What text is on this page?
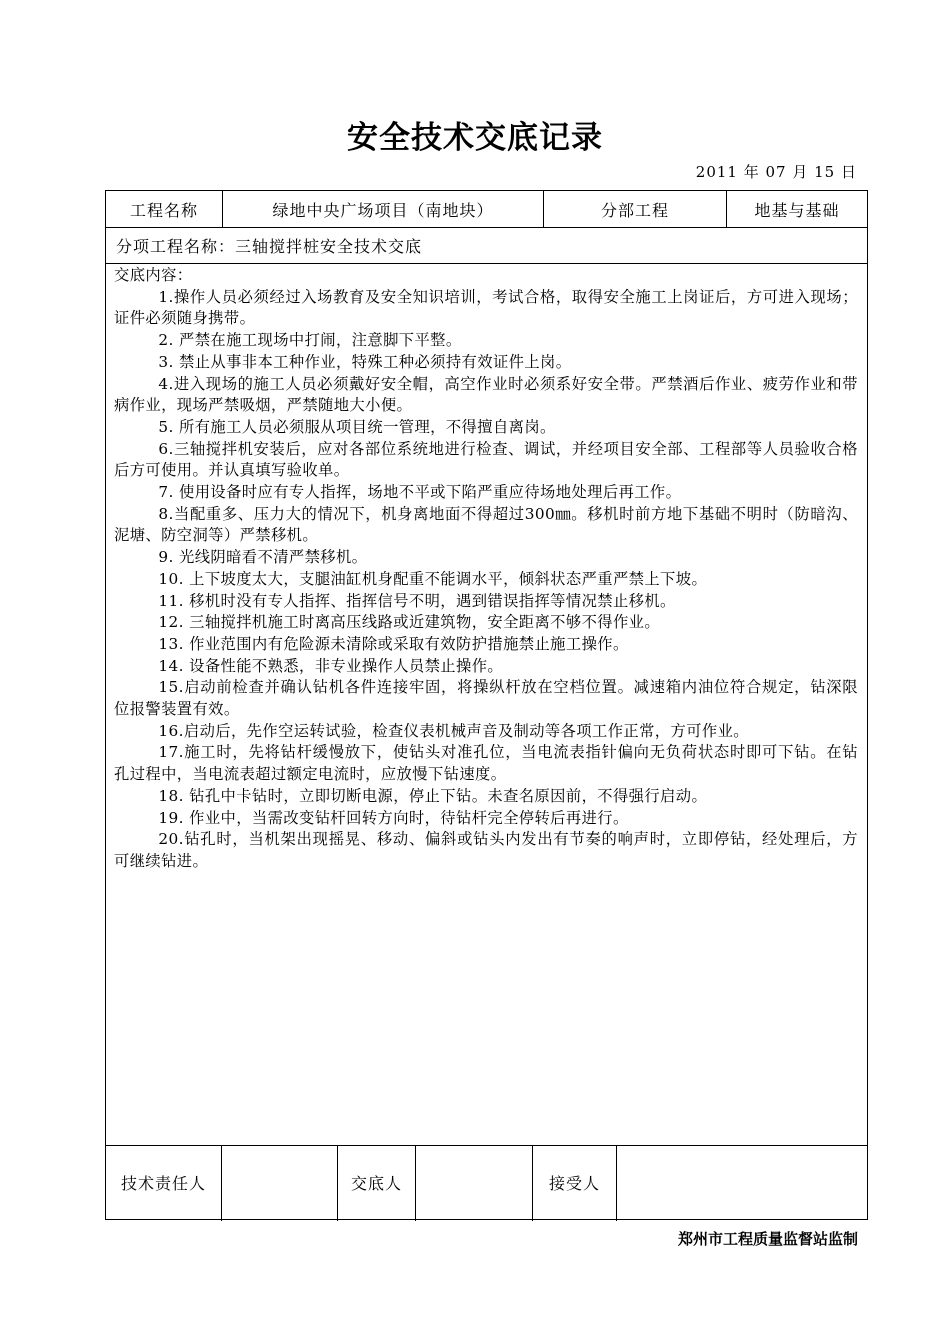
安全技术交底记录
2011 年 07 月 15 日
工程名称	绿地中央广场项目（南地块）	分部工程	地基与基础
分项工程名称： 三轴搅拌桩安全技术交底
交底内容：
1.操作人员必须经过入场教育及安全知识培训，考试合格，取得安全施工上岗证后，方可进入现场；证件必须随身携带。
2. 严禁在施工现场中打闹，注意脚下平整。
3. 禁止从事非本工种作业，特殊工种必须持有效证件上岗。
4.进入现场的施工人员必须戴好安全帽，高空作业时必须系好安全带。严禁酒后作业、疲劳作业和带病作业，现场严禁吸烟，严禁随地大小便。
5. 所有施工人员必须服从项目统一管理，不得擅自离岗。
6.三轴搅拌机安装后，应对各部位系统地进行检查、调试，并经项目安全部、工程部等人员验收合格后方可使用。并认真填写验收单。
7. 使用设备时应有专人指挥，场地不平或下陷严重应待场地处理后再工作。
8.当配重多、压力大的情况下，机身离地面不得超过300㎜。移机时前方地下基础不明时（防暗沟、泥塘、防空洞等）严禁移机。
9. 光线阴暗看不清严禁移机。
10. 上下坡度太大，支腿油缸机身配重不能调水平，倾斜状态严重严禁上下坡。
11. 移机时没有专人指挥、指挥信号不明，遇到错误指挥等情况禁止移机。
12. 三轴搅拌机施工时离高压线路或近建筑物，安全距离不够不得作业。
13. 作业范围内有危险源未清除或采取有效防护措施禁止施工操作。
14. 设备性能不熟悉，非专业操作人员禁止操作。
15.启动前检查并确认钻机各件连接牢固，将操纵杆放在空档位置。减速箱内油位符合规定，钻深限位报警装置有效。
16.启动后，先作空运转试验，检查仪表机械声音及制动等各项工作正常，方可作业。
17.施工时，先将钻杆缓慢放下，使钻头对准孔位，当电流表指针偏向无负荷状态时即可下钻。在钻孔过程中，当电流表超过额定电流时，应放慢下钻速度。
18. 钻孔中卡钻时，立即切断电源，停止下钻。未查名原因前，不得强行启动。
19. 作业中，当需改变钻杆回转方向时，待钻杆完全停转后再进行。
20.钻孔时，当机架出现摇晃、移动、偏斜或钻头内发出有节奏的响声时，立即停钻，经处理后，方可继续钻进。
技术责任人	交底人	接受人
郑州市工程质量监督站监制
